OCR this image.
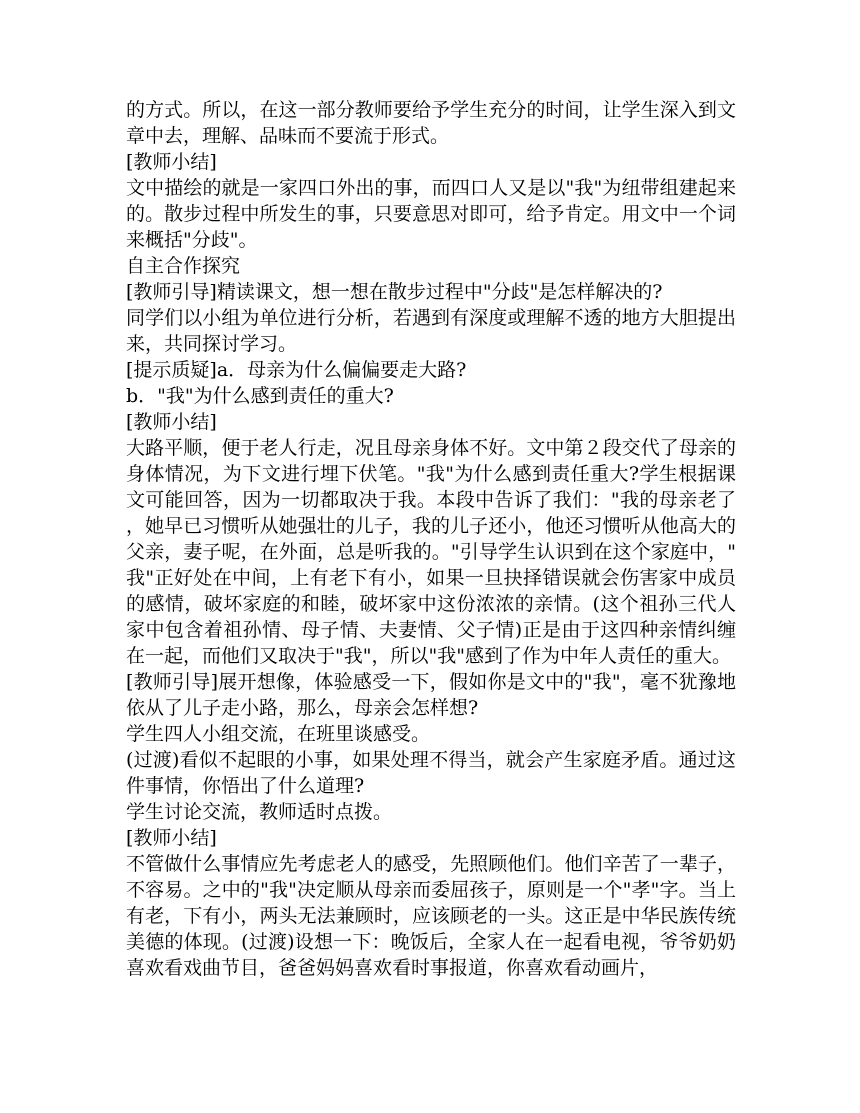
的方式。所以，在这一部分教师要给予学生充分的时间，让学生深入到文章中去，理解、品味而不要流于形式。

[教师小结]

文中描绘的就是一家四口外出的事，而四口人又是以"我"为纽带组建起来的。散步过程中所发生的事，只要意思对即可，给予肯定。用文中一个词来概括"分歧"。

自主合作探究

[教师引导]精读课文，想一想在散步过程中"分歧"是怎样解决的?

同学们以小组为单位进行分析，若遇到有深度或理解不透的地方大胆提出来，共同探讨学习。

[提示质疑]a．母亲为什么偏偏要走大路?

b．"我"为什么感到责任的重大?

[教师小结]

大路平顺，便于老人行走，况且母亲身体不好。文中第２段交代了母亲的身体情况，为下文进行埋下伏笔。"我"为什么感到责任重大?学生根据课文可能回答，因为一切都取决于我。本段中告诉了我们："我的母亲老了，她早已习惯听从她强壮的儿子，我的儿子还小，他还习惯听从他高大的父亲，妻子呢，在外面，总是听我的。"引导学生认识到在这个家庭中，"我"正好处在中间，上有老下有小，如果一旦抉择错误就会伤害家中成员的感情，破坏家庭的和睦，破坏家中这份浓浓的亲情。(这个祖孙三代人家中包含着祖孙情、母子情、夫妻情、父子情)正是由于这四种亲情纠缠在一起，而他们又取决于"我"，所以"我"感到了作为中年人责任的重大。

[教师引导]展开想像，体验感受一下，假如你是文中的"我"，毫不犹豫地依从了儿子走小路，那么，母亲会怎样想?

学生四人小组交流，在班里谈感受。

(过渡)看似不起眼的小事，如果处理不得当，就会产生家庭矛盾。通过这件事情，你悟出了什么道理?

学生讨论交流，教师适时点拨。

[教师小结]

不管做什么事情应先考虑老人的感受，先照顾他们。他们辛苦了一辈子，不容易。之中的"我"决定顺从母亲而委屈孩子，原则是一个"孝"字。当上有老，下有小，两头无法兼顾时，应该顾老的一头。这正是中华民族传统美德的体现。(过渡)设想一下：晚饭后，全家人在一起看电视，爷爷奶奶喜欢看戏曲节目，爸爸妈妈喜欢看时事报道，你喜欢看动画片，
